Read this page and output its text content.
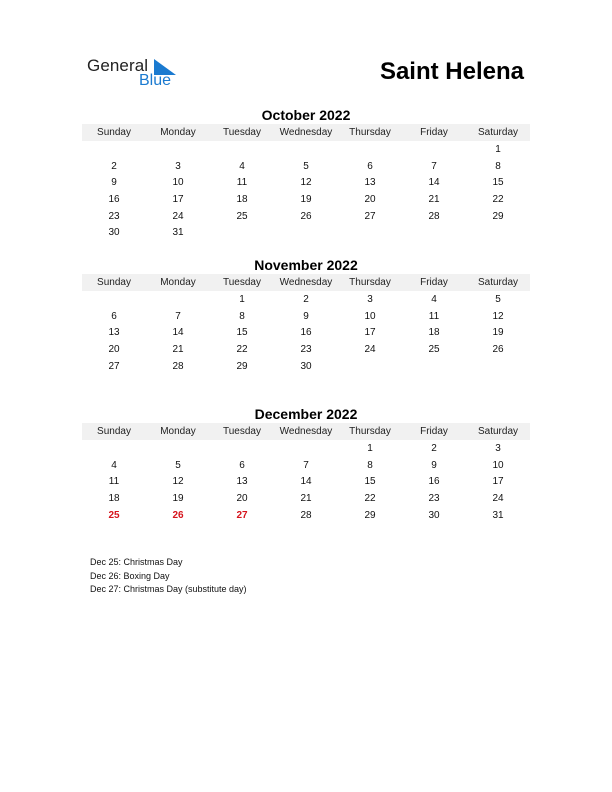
General
Blue	Saint Helena
October 2022
Sunday	Monday	Tuesday	Wednesday	Thursday	Friday	Saturday
						1
2	3	4	5	6	7	8
9	10	11	12	13	14	15
16	17	18	19	20	21	22
23	24	25	26	27	28	29
30	31					
November 2022
Sunday	Monday	Tuesday	Wednesday	Thursday	Friday	Saturday
		1	2	3	4	5
6	7	8	9	10	11	12
13	14	15	16	17	18	19
20	21	22	23	24	25	26
27	28	29	30			
December 2022
Sunday	Monday	Tuesday	Wednesday	Thursday	Friday	Saturday
				1	2	3
4	5	6	7	8	9	10
11	12	13	14	15	16	17
18	19	20	21	22	23	24
25	26	27	28	29	30	31
Dec 25: Christmas Day
Dec 26: Boxing Day
Dec 27: Christmas Day (substitute day)
